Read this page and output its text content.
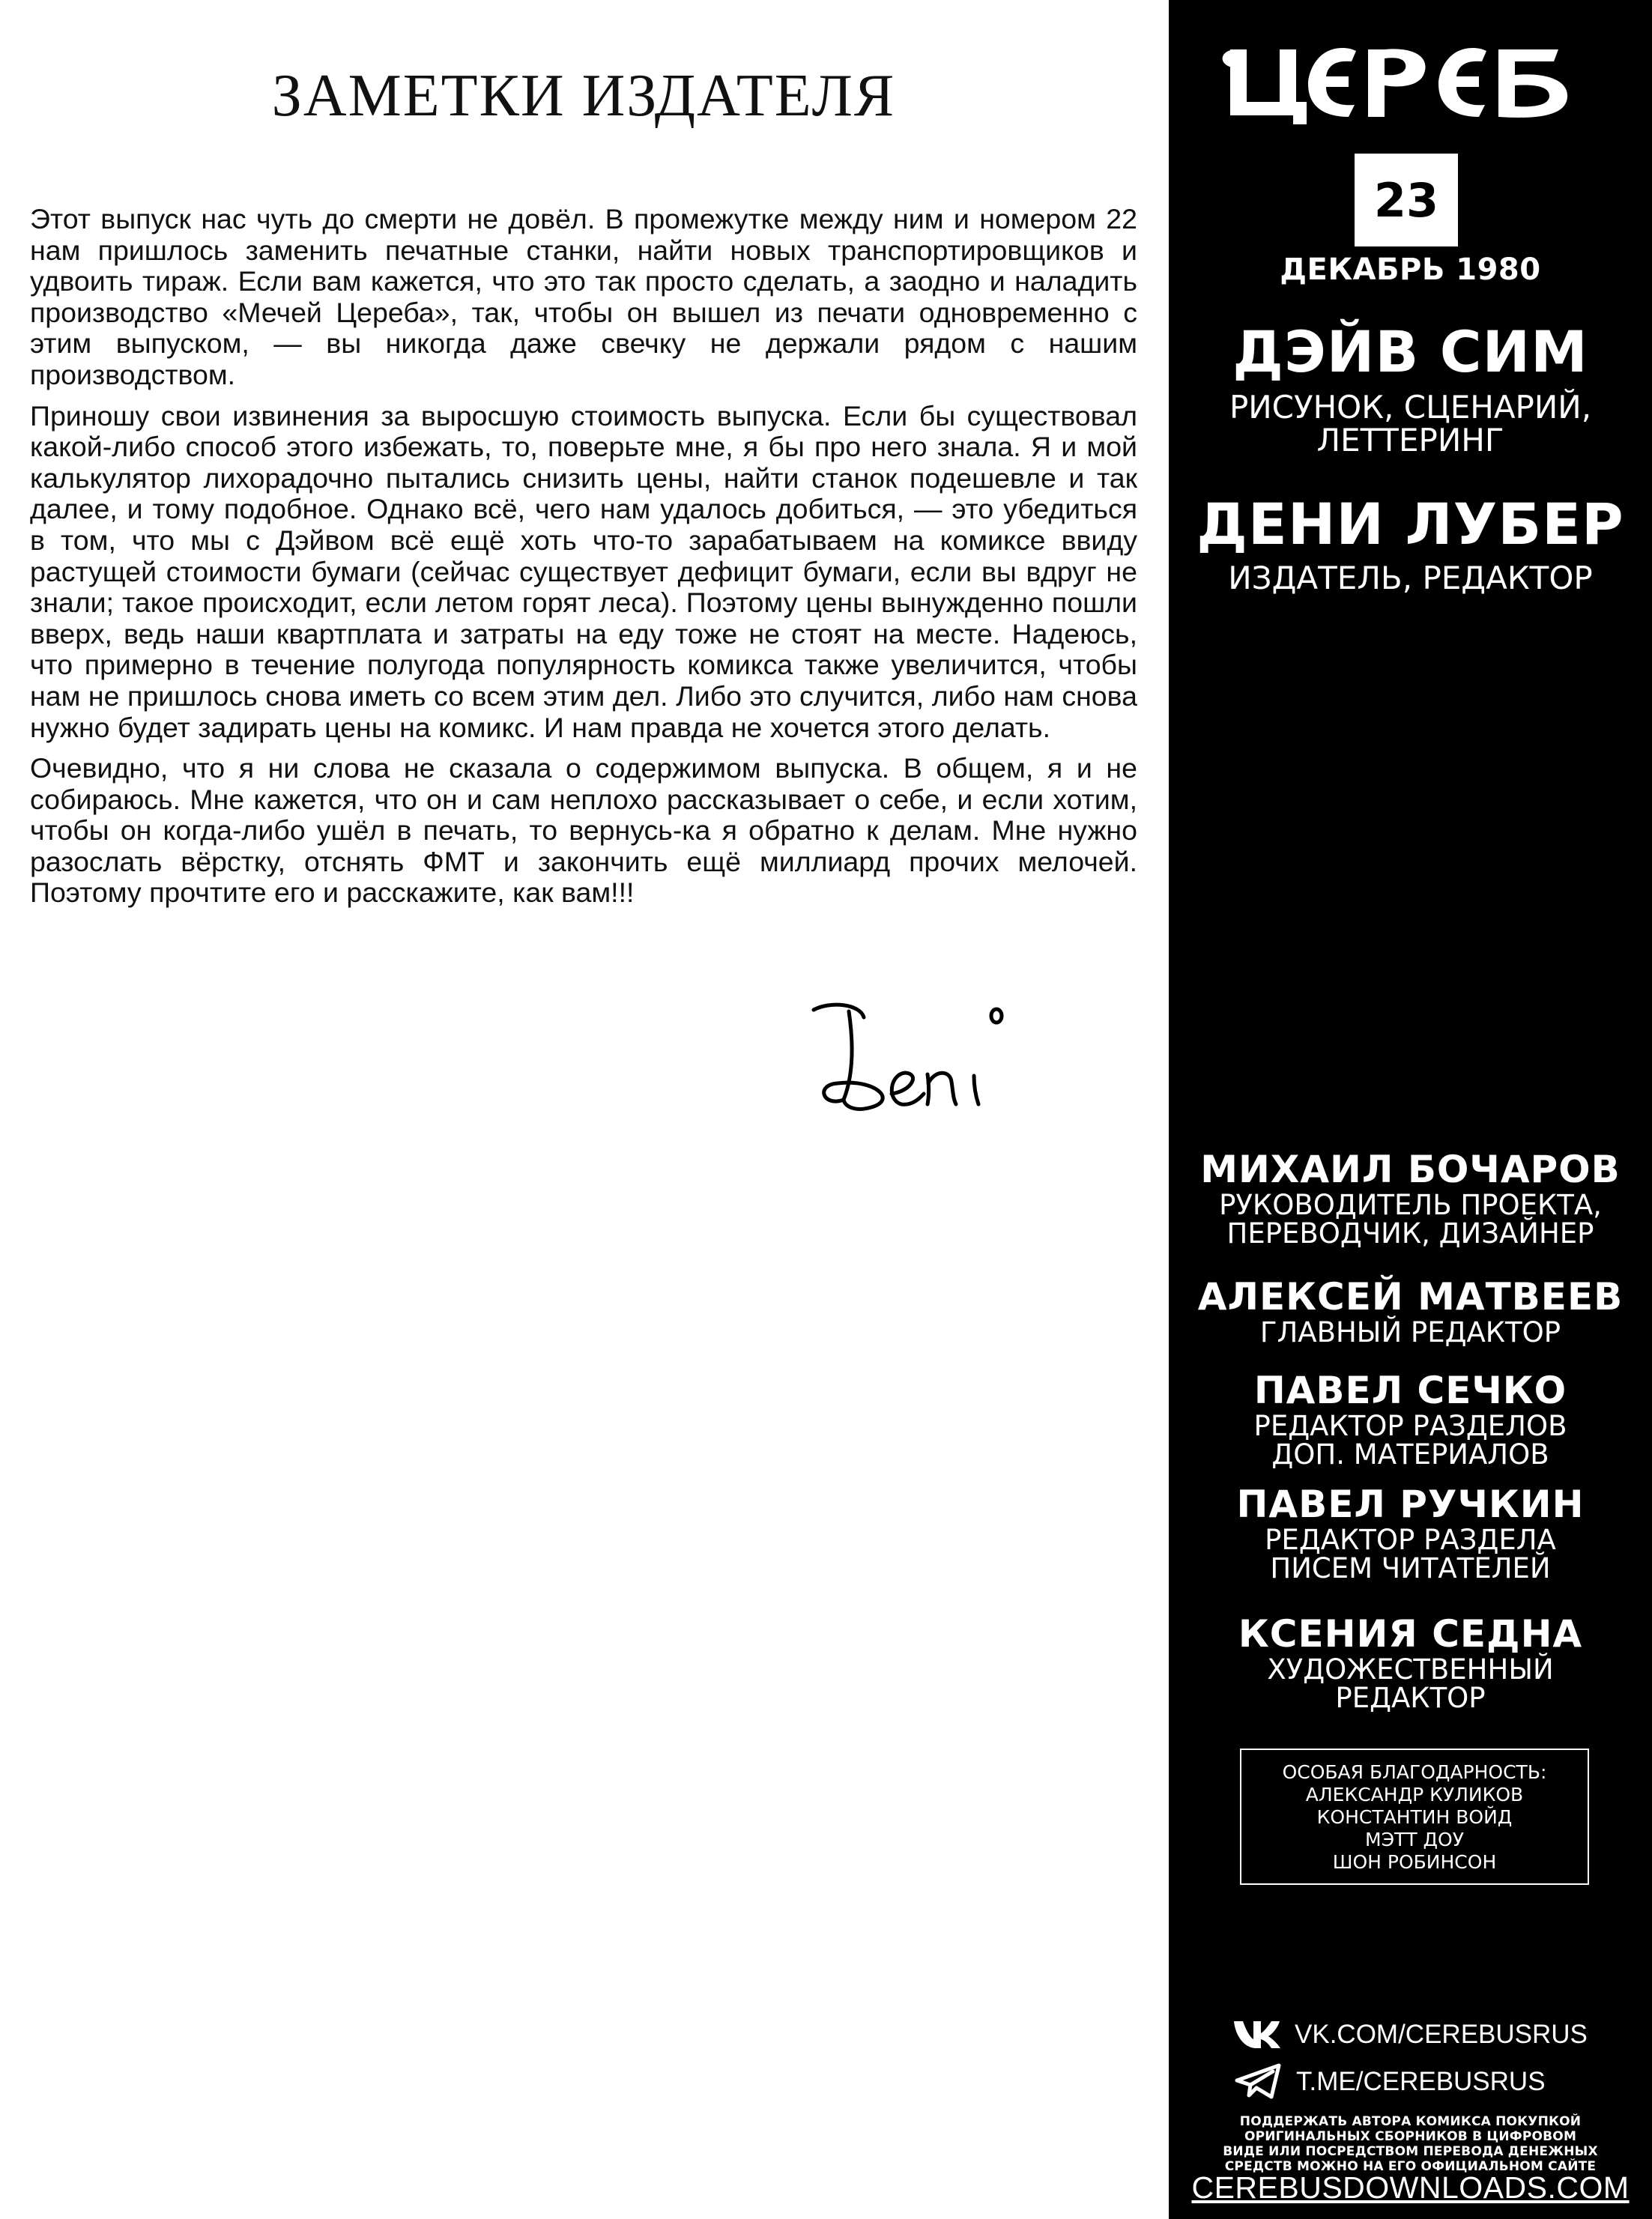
ЗАМЕТКИ ИЗДАТЕЛЯ

Этот выпуск нас чуть до смерти не довёл. В промежутке между ним и номером 22 нам пришлось заменить печатные станки, найти новых транспортировщиков и удвоить тираж. Если вам кажется, что это так просто сделать, а заодно и наладить производство «Мечей Цереба», так, чтобы он вышел из печати одновременно с этим выпуском, — вы никогда даже свечку не держали рядом с нашим производством.

Приношу свои извинения за выросшую стоимость выпуска. Если бы существовал какой-либо способ этого избежать, то, поверьте мне, я бы про него знала. Я и мой калькулятор лихорадочно пытались снизить цены, найти станок подешевле и так далее, и тому подобное. Однако всё, чего нам удалось добиться, — это убедиться в том, что мы с Дэйвом всё ещё хоть что-то зарабатываем на комиксе ввиду растущей стоимости бумаги (сейчас существует дефицит бумаги, если вы вдруг не знали; такое происходит, если летом горят леса). Поэтому цены вынужденно пошли вверх, ведь наши квартплата и затраты на еду тоже не стоят на месте. Надеюсь, что примерно в течение полугода популярность комикса также увеличится, чтобы нам не пришлось снова иметь со всем этим дел. Либо это случится, либо нам снова нужно будет задирать цены на комикс. И нам правда не хочется этого делать.

Очевидно, что я ни слова не сказала о содержимом выпуска. В общем, я и не собираюсь. Мне кажется, что он и сам неплохо рассказывает о себе, и если хотим, чтобы он когда-либо ушёл в печать, то вернусь-ка я обратно к делам. Мне нужно разослать вёрстку, отснять ФМТ и закончить ещё миллиард прочих мелочей. Поэтому прочтите его и расскажите, как вам!!!

23
ДЕКАБРЬ 1980
ДЭЙВ СИМ
РИСУНОК, СЦЕНАРИЙ,
ЛЕТТЕРИНГ
ДЕНИ ЛУБЕР
ИЗДАТЕЛЬ, РЕДАКТОР
МИХАИЛ БОЧАРОВ
РУКОВОДИТЕЛЬ ПРОЕКТА,
ПЕРЕВОДЧИК, ДИЗАЙНЕР
АЛЕКСЕЙ МАТВЕЕВ
ГЛАВНЫЙ РЕДАКТОР
ПАВЕЛ СЕЧКО
РЕДАКТОР РАЗДЕЛОВ
ДОП. МАТЕРИАЛОВ
ПАВЕЛ РУЧКИН
РЕДАКТОР РАЗДЕЛА
ПИСЕМ ЧИТАТЕЛЕЙ
КСЕНИЯ СЕДНА
ХУДОЖЕСТВЕННЫЙ
РЕДАКТОР
ОСОБАЯ БЛАГОДАРНОСТЬ:
АЛЕКСАНДР КУЛИКОВ
КОНСТАНТИН ВОЙД
МЭТТ ДОУ
ШОН РОБИНСОН
VK.COM/CEREBUSRUS
T.ME/CEREBUSRUS
ПОДДЕРЖАТЬ АВТОРА КОМИКСА ПОКУПКОЙ
ОРИГИНАЛЬНЫХ СБОРНИКОВ В ЦИФРОВОМ
ВИДЕ ИЛИ ПОСРЕДСТВОМ ПЕРЕВОДА ДЕНЕЖНЫХ
СРЕДСТВ МОЖНО НА ЕГО ОФИЦИАЛЬНОМ САЙТЕ
CEREBUSDOWNLOADS.COM
